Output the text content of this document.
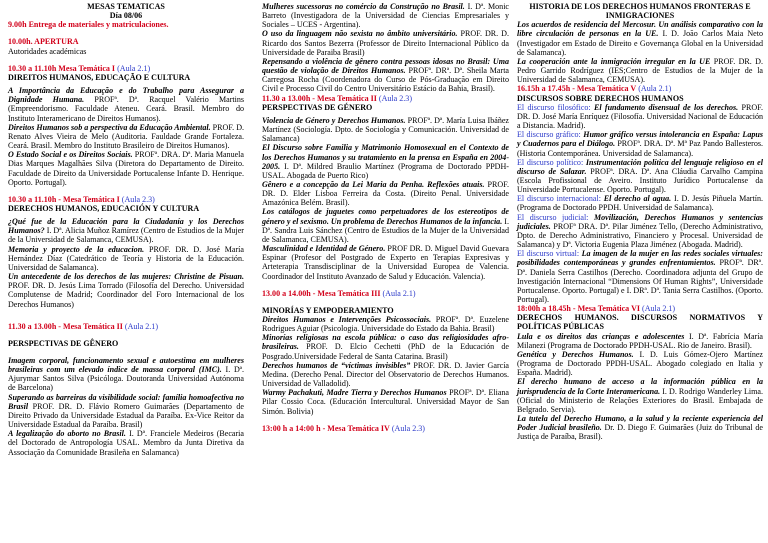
MESAS TEMATICAS

Día 08/06

9.00h Entrega de materiales y matriculaciones.

10.00h. APERTURA

Autoridades académicas

10.30 a 11.10h Mesa Temática I (Aula 2.1)

DIREITOS HUMANOS, EDUCAÇÃO E CULTURA

A Importância da Educação e do Trabalho para Assegurar a Dignidade Humana. PROFª. Dª. Racquel Valério Martins (Empreendorismo. Faculdade Ateneu. Ceará. Brasil. Membro do Instituto Interamericano de Direitos Humanos).

Direitos Humanos sob a perspectiva da Educação Ambiental. PROF. D. Renato Alves Vieira de Melo (Auditoria. Fauldade Grande Fortaleza. Ceará. Brasil. Membro do Instituto Brasileiro de Direitos Humanos).

O Estado Social e os Direitos Sociais. PROFª. DRA. Dª. Maria Manuela Dias Marques Magalhães Silva (Diretora do Departamento de Direito. Faculdade de Direito da Universidade Portucalense Infante D. Henrique. Oporto. Portugal).

10.30 a 11.10h - Mesa Temática I (Aula 2.3)

DERECHOS HUMANOS, EDUCACIÓN Y CULTURA

¿Qué fue de la Educación para la Ciudadanía y los Derechos Humanos? I. Dª. Alicia Muñoz Ramírez (Centro de Estudios de la Mujer de la Universidad de Salamanca, CEMUSA).

Memoria y proyecto de la educacion. PROF. DR. D. José María Hernández Díaz (Catedrático de Teoría y Historia de la Educación. Universidad de Salamanca).

Un antecedente de los derechos de las mujeres: Christine de Pisuan. PROF. DR. D. Jesús Lima Torrado (Filosofía del Derecho. Universidad Complutense de Madrid; Coordinador del Foro Internacional de los Derechos Humanos)

11.30 a 13.00h - Mesa Temática II (Aula 2.1)

PERSPECTIVAS DE GÊNERO

Imagem corporal, funcionamento sexual e autoestima em mulheres brasileiras com um elevado índice de massa corporal (IMC). I. Dª. Ajurymar Santos Silva (Psicóloga. Doutoranda Universidad Autónoma de Barcelona)

Superando as barreiras da visibilidade social: família homoafectiva no Brasil PROF. DR. D. Flávio Romero Guimarães (Departamento de Direito Privado da Universidade Estadual da Paraíba. Ex-Vice Reitor da Universidade Estadual da Paraíba. Brasil)

A legalização do aborto no Brasil. I. Dª. Franciele Medeiros (Becaria del Doctorado de Antropología USAL. Membro da Junta Diretiva da Associação da Comunidade Brasileña en Salamanca)

Mulheres sucessoras no comércio da Construção no Brasil. I. Dª. Monic Barreto (Investigadora de la Universidad de Ciencias Empresariales y Sociales – UCES - Argentina).

O uso da linguagem não sexista no âmbito universitário. PROF. DR. D. Ricardo dos Santos Bezerra (Professor de Direito Internacional Público da Universidade de Paraiba Brasil)

Repensando a violência de gênero contra pessoas idosas no Brasil: Uma questão de violação de Direitos Humanos. PROFª. DRª. Dª. Sheila Marta Carregosa Rocha (Coordenadora do Curso de Pós-Graduação em Direito Civil e Processo Civil do Centro Universitário Estácio da Bahia, Brasil).

11.30 a 13.00h - Mesa Temática II (Aula 2.3)

PERSPECTIVAS DE GÉNERO

Violencia de Género y Derechos Humanos. PROFª. Dª. María Luisa Ibáñez Martínez (Sociología. Dpto. de Sociología y Comunicación. Universidad de Salamanca)

El Discurso sobre Familia y Matrimonio Homosexual en el Contexto de los Derechos Humanos y su tratamiento en la prensa en España en 2004-2005. I. Dª. Mildred Braulio Martínez (Programa de Doctorado PPDH- USAL. Abogada de Puerto Rico)

Gênero e a concepção da Lei Maria da Penha. Reflexões atuais. PROF. DR. D. Elder Lisboa Ferreira da Costa. (Direito Penal. Universidade Amazónica Belém. Brasil).

Los catálogos de juguetes como perpetuadores de los estereotipos de género y el sexismo. Un problema de Derechos Humanos de la infancia. I. Dª. Sandra Luis Sánchez (Centro de Estudios de la Mujer de la Universidad de Salamanca, CEMUSA).

Masculinidad e Identidad de Género. PROF DR. D. Miguel David Guevara Espinar (Profesor del Postgrado de Experto en Terapias Expresivas y Arteterapia Transdisciplinar de la Universidad Europea de Valencia. Coordinador del Instituto Avanzado de Salud y Educación. Valencia).

13.00 a 14.00h - Mesa Temática III (Aula 2.1)

MINORÍAS Y EMPODERAMIENTO

Direitos Humanos e Intervenções Psicossociais. PROFª. Dª. Euzelene Rodrigues Aguiar (Psicologia. Universidade do Estado da Bahia. Brasil)

Minorías religiosas na escola pública: o caso das religiosidades afro-brasileiras. PROF. D. Elcio Cechetti (PhD de la Educación de Posgrado.Universidade Federal de Santa Catarina. Brasil)

Derechos humanos de “víctimas invisibles” PROF. DR. D. Javier García Medina. (Derecho Penal. Director del Observatorio de Derechos Humanos. Universidad de Valladolid).

Warmy Pachakuti, Madre Tierra y Derechos Humanos PROFª. Dª. Eliana Pilar Cossio Coca. (Educación Intercultural. Universidad Mayor de San Simón. Bolivia)

13:00 h a 14:00 h - Mesa Temática IV (Aula 2.3)

HISTORIA DE LOS DERECHOS HUMANOS FRONTERAS E INMIGRACIONES

Los acuerdos de residencia del Mercosur. Un análisis comparativo con la libre circulación de personas en la UE. I. D. João Carlos Maia Neto (Investigador em Estado de Direito e Governança Global en la Universidad de Salamanca).

La cooperación ante la inmigración irregular en la UE PROF. DR. D. Pedro Garrido Rodríguez (IES;Centro de Estudios de la Mujer de la Universidad de Salamanca, CEMUSA).

16.15h a 17.45h - Mesa Temática V (Aula 2.1)

DISCURSOS SOBRE DERECHOS HUMANOS

El discurso filosófico: El fundamento disensual de los derechos. PROF. DR. D. José María Enríquez (Filosofía. Universidad Nacional de Educación a Distancia. Madrid).

El discurso gráfico: Humor gráfico versus intolerancia en España: Lapus y Cuadernos para el Diálogo. PROFª. DRA. Dª. Mª Paz Pando Ballesteros. (Historia Contemporánea. Universidad de Salamanca).

El discurso político: Instrumentación política del lenguaje religioso en el discurso de Salazar. PROFª. DRA. Dª. Ana Cláudia Carvalho Campina (Escola Profissional de Aveiro. Instituto Jurídico Portucalense da Universidade Portucalense. Oporto. Portugal).

El discurso internacional: El derecho al agua. I. D. Jesús Piñuela Martín. (Programa de Doctorado PPDH. Universidad de Salamanca).

El discurso judicial: Movilización, Derechos Humanos y sentencias judiciales. PROFª DRA. Dª. Pilar Jiménez Tello, (Derecho Administrativo, Dpto. de Derecho Administrativo, Financiero y Procesal. Universidad de Salamanca) y Dª. Victoria Eugenia Plaza Jiménez (Abogada. Madrid).

El discurso virtual: La imagen de la mujer en las redes sociales virtuales: posibilidades contemporáneas y grandes enfrentamientos. PROFª. DRª. Dª. Daniela Serra Castilhos (Derecho. Coordinadora adjunta del Grupo de Investigación Internacional “Dimensions Of Human Rights”, Universidade Portucalense. Oporto. Portugal) e I. DRª. Dª. Tania Serra Castilhos. (Oporto. Portugal).

18:00h a 18.45h - Mesa Temática VI (Aula 2.1)

DERECHOS HUMANOS. DISCURSOS NORMATIVOS Y POLÍTICAS PÚBLICAS

Lula e os direitos das crianças e adolescentes I. Dª. Fabrícia María Milanezi (Programa de Doctorado PPDH-USAL. Rio de Janeiro. Brasil).

Genética y Derechos Humanos. I. D. Luis Gómez-Ojero Martínez (Programa de Doctorado PPDH-USAL. Abogado colegiado en Italia y España. Madrid).

El derecho humano de acceso a la información pública en la jurisprudencia de la Corte Interamericana. I. D. Rodrigo Wanderley Lima. (Oficial do Ministerio de Relações Exteriores do Brasil. Embajada de Belgrado. Servia).

La tutela del Derecho Humano, a la salud y la reciente experiencia del Poder Judicial brasileño. Dr. D. Diego F. Guimarães (Juiz do Tribunal de Justiça de Paraíba, Brasil).
